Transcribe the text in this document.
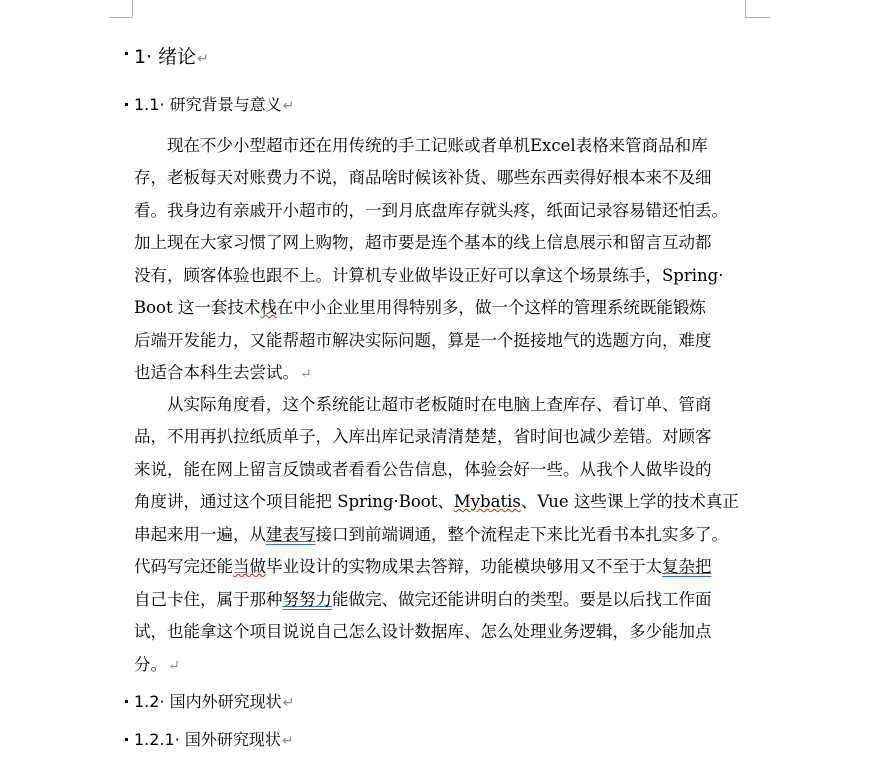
1· 绪论↵
1.1· 研究背景与意义↵
　　现在不少小型超市还在用传统的手工记账或者单机Excel表格来管商品和库
存，老板每天对账费力不说，商品啥时候该补货、哪些东西卖得好根本来不及细
看。我身边有亲戚开小超市的，一到月底盘库存就头疼，纸面记录容易错还怕丢。
加上现在大家习惯了网上购物，超市要是连个基本的线上信息展示和留言互动都
没有，顾客体验也跟不上。计算机专业做毕设正好可以拿这个场景练手，Spring·
Boot 这一套技术栈在中小企业里用得特别多，做一个这样的管理系统既能锻炼
后端开发能力，又能帮超市解决实际问题，算是一个挺接地气的选题方向，难度
也适合本科生去尝试。↵
　　从实际角度看，这个系统能让超市老板随时在电脑上查库存、看订单、管商
品，不用再扒拉纸质单子，入库出库记录清清楚楚，省时间也减少差错。对顾客
来说，能在网上留言反馈或者看看公告信息，体验会好一些。从我个人做毕设的
角度讲，通过这个项目能把 Spring·Boot、Mybatis、Vue 这些课上学的技术真正
串起来用一遍，从建表写接口到前端调通，整个流程走下来比光看书本扎实多了。
代码写完还能当做毕业设计的实物成果去答辩，功能模块够用又不至于太复杂把
自己卡住，属于那种努努力能做完、做完还能讲明白的类型。要是以后找工作面
试，也能拿这个项目说说自己怎么设计数据库、怎么处理业务逻辑，多少能加点
分。↵
1.2· 国内外研究现状↵
1.2.1· 国外研究现状↵
